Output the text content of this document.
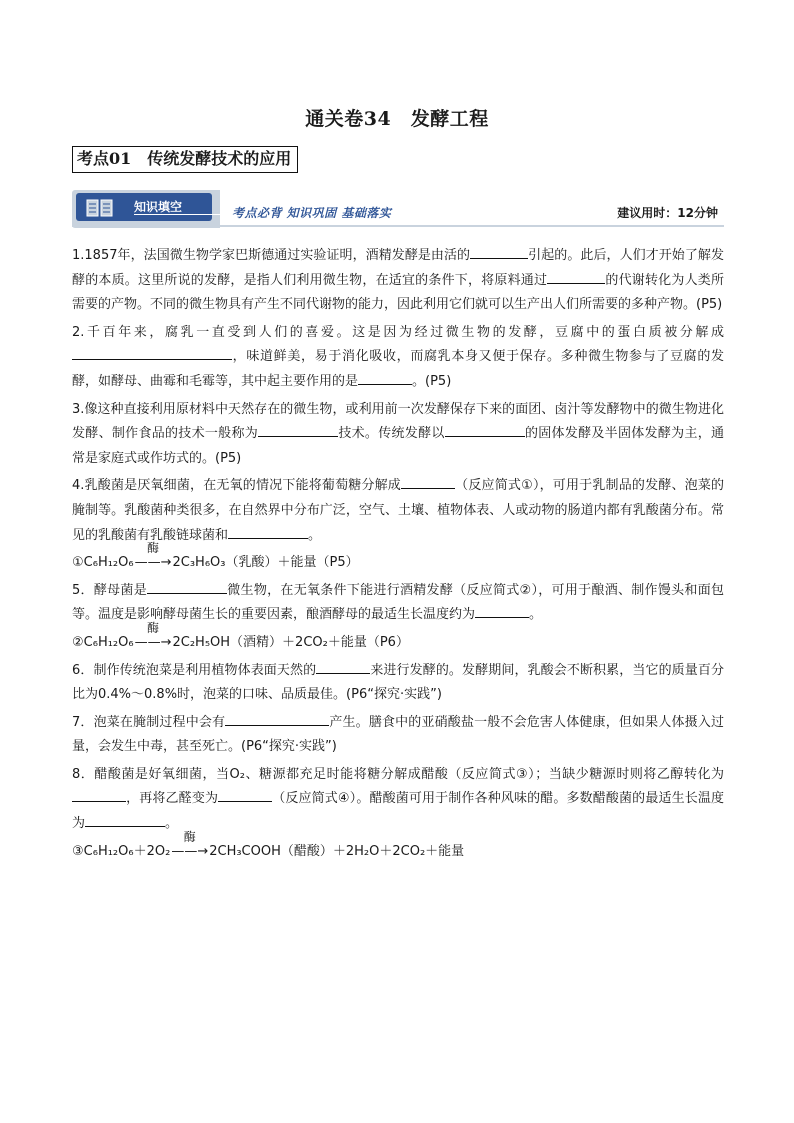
通关卷34　发酵工程
考点01　传统发酵技术的应用
知识填空	考点必背 知识巩固 基础落实	建议用时：12分钟

1.1857年，法国微生物学家巴斯德通过实验证明，酒精发酵是由活的	引起的。此后，人们才开始了解发酵的本质。这里所说的发酵，是指人们利用微生物，在适宜的条件下，将原料通过	的代谢转化为人类所需要的产物。不同的微生物具有产生不同代谢物的能力，因此利用它们就可以生产出人们所需要的多种产物。(P5)

2.千百年来，腐乳一直受到人们的喜爱。这是因为经过微生物的发酵，豆腐中的蛋白质被分解成，味道鲜美，易于消化吸收，而腐乳本身又便于保存。多种微生物参与了豆腐的发酵，如酵母、曲霉和毛霉等，其中起主要作用的是	。(P5)

3.像这种直接利用原材料中天然存在的微生物，或利用前一次发酵保存下来的面团、卤汁等发酵物中的微生物进化发酵、制作食品的技术一般称为	技术。传统发酵以	的固体发酵及半固体发酵为主，通常是家庭式或作坊式的。(P5)

4.乳酸菌是厌氧细菌，在无氧的情况下能将葡萄糖分解成	（反应简式①），可用于乳制品的发酵、泡菜的腌制等。乳酸菌种类很多，在自然界中分布广泛，空气、土壤、植物体表、人或动物的肠道内都有乳酸菌分布。常见的乳酸菌有乳酸链球菌和	。

①C₆H₁₂O₆
酶
——→2C₃H₆O₃（乳酸）＋能量（P5）

5．酵母菌是	微生物，在无氧条件下能进行酒精发酵（反应简式②），可用于酿酒、制作馒头和面包等。温度是影响酵母菌生长的重要因素，酿酒酵母的最适生长温度约为	。

②C₆H₁₂O₆
酶
——→2C₂H₅OH（酒精）＋2CO₂＋能量（P6）

6．制作传统泡菜是利用植物体表面天然的	来进行发酵的。发酵期间，乳酸会不断积累，当它的质量百分比为0.4%～0.8%时，泡菜的口味、品质最佳。(P6“探究·实践”)

7．泡菜在腌制过程中会有	产生。膳食中的亚硝酸盐一般不会危害人体健康，但如果人体摄入过量，会发生中毒，甚至死亡。(P6“探究·实践”)

8．醋酸菌是好氧细菌，当O₂、糖源都充足时能将糖分解成醋酸（反应简式③）；当缺少糖源时则将乙醇转化为，再将乙醛变为	（反应简式④）。醋酸菌可用于制作各种风味的醋。多数醋酸菌的最适生长温度为	。

③C₆H₁₂O₆＋2O₂
酶
——→2CH₃COOH（醋酸）＋2H₂O＋2CO₂＋能量
